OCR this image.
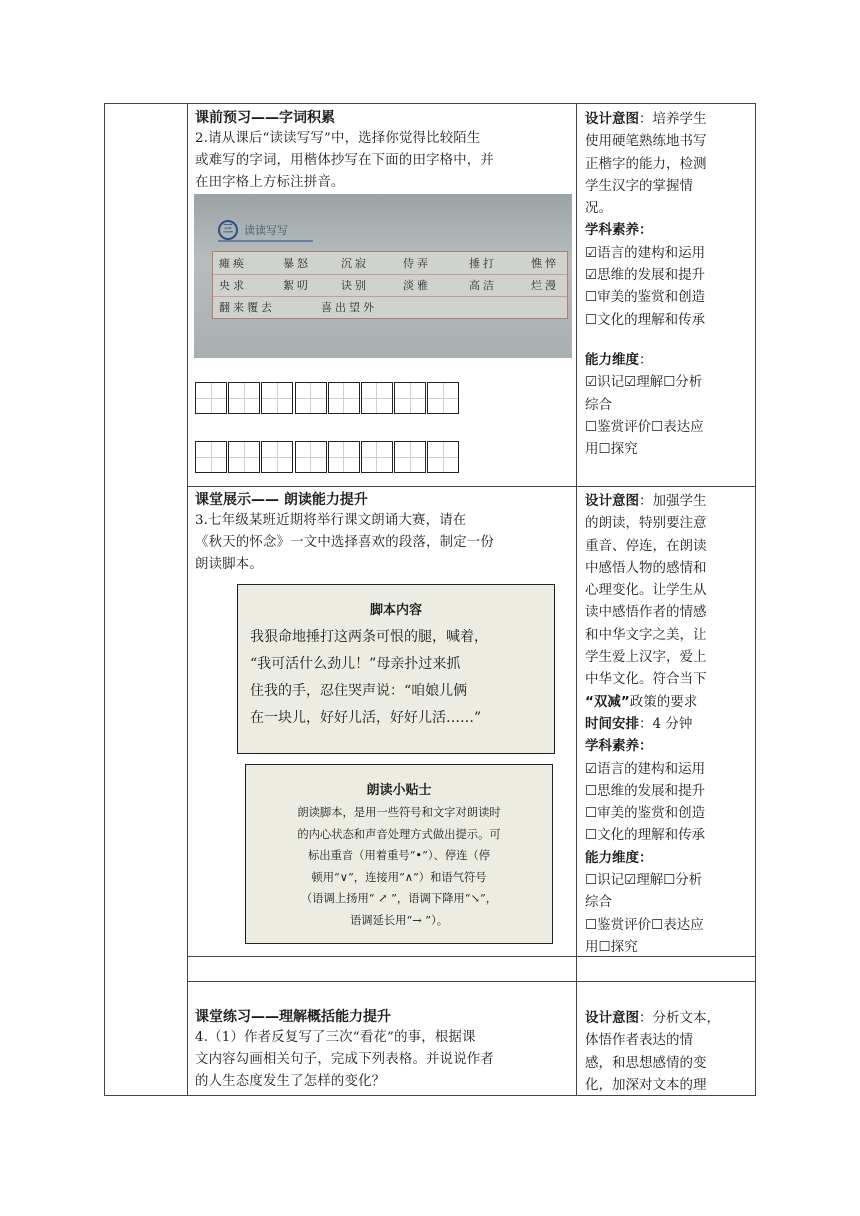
课前预习——字词积累

2.请从课后“读读写写”中，选择你觉得比较陌生

或难写的字词，用楷体抄写在下面的田字格中，并

在田字格上方标注拼音。

三	读读写写
瘫痪	暴怒	沉寂	侍弄	捶打	憔悴
央求	絮叨	诀别	淡雅	高洁	烂漫
翻来覆去	喜出望外
设计意图：培养学生
使用硬笔熟练地书写
正楷字的能力，检测
学生汉字的掌握情
况。
学科素养：
☑语言的建构和运用
☑思维的发展和提升
☐审美的鉴赏和创造
☐文化的理解和传承
能力维度：
☑识记☑理解☐分析
综合
☐鉴赏评价☐表达应
用☐探究
课堂展示—— 朗读能力提升

3.七年级某班近期将举行课文朗诵大赛，请在

《秋天的怀念》一文中选择喜欢的段落，制定一份

朗读脚本。

脚本内容
我狠命地捶打这两条可恨的腿，喊着，
“我可活什么劲儿！”母亲扑过来抓
住我的手，忍住哭声说：“咱娘儿俩
在一块儿，好好儿活，好好儿活……”
朗读小贴士
朗读脚本，是用一些符号和文字对朗读时
的内心状态和声音处理方式做出提示。可
标出重音（用着重号“•”）、停连（停
顿用“∨”，连接用“∧”）和语气符号
（语调上扬用“ ↗ ”，语调下降用“↘”，
语调延长用“→ ”）。
设计意图：加强学生
的朗读，特别要注意
重音、停连，在朗读
中感悟人物的感情和
心理变化。让学生从
读中感悟作者的情感
和中华文字之美，让
学生爱上汉字，爱上
中华文化。符合当下
“双减”政策的要求
时间安排：4 分钟
学科素养：
☑语言的建构和运用
☐思维的发展和提升
☐审美的鉴赏和创造
☐文化的理解和传承
能力维度：
☐识记☑理解☐分析
综合
☐鉴赏评价☐表达应
用☐探究
课堂练习——理解概括能力提升

4.（1）作者反复写了三次“看花”的事，根据课

文内容勾画相关句子，完成下列表格。并说说作者

的人生态度发生了怎样的变化？

设计意图：分析文本，
体悟作者表达的情
感，和思想感情的变
化，加深对文本的理
